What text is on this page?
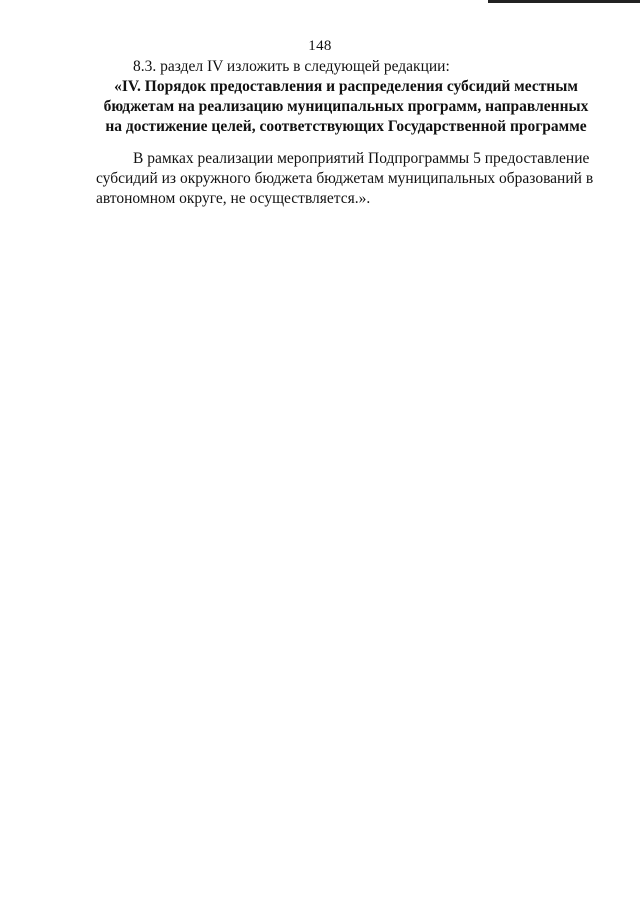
148
8.3. раздел IV изложить в следующей редакции:
«IV. Порядок предоставления и распределения субсидий местным
бюджетам на реализацию муниципальных программ, направленных
на достижение целей, соответствующих Государственной программе
В рамках реализации мероприятий Подпрограммы 5 предоставление
субсидий из окружного бюджета бюджетам муниципальных образований в
автономном округе, не осуществляется.».
